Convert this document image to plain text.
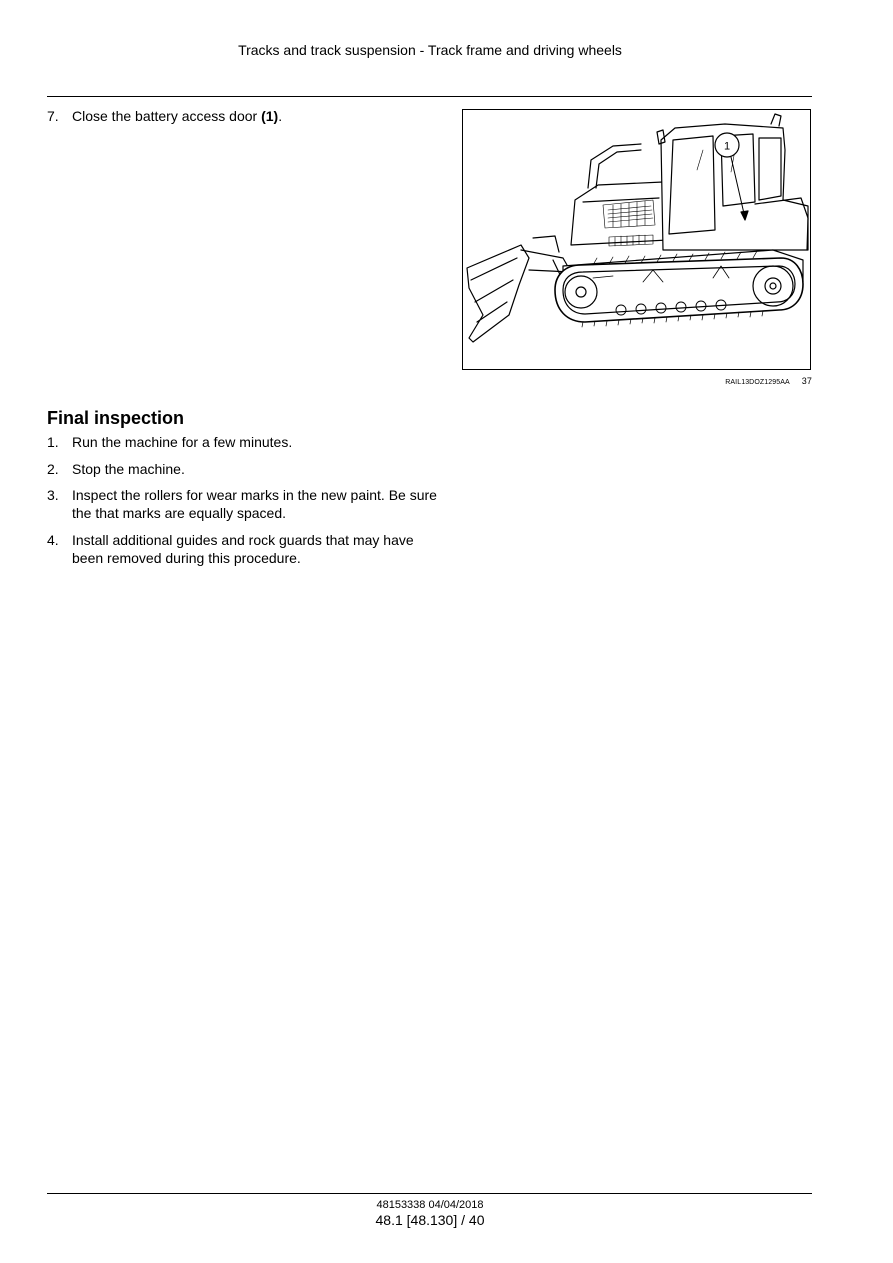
Tracks and track suspension - Track frame and driving wheels
7. Close the battery access door (1).
1
RAIL13DOZ1295AA 37
Final inspection
1. Run the machine for a few minutes.
2. Stop the machine.
3. Inspect the rollers for wear marks in the new paint. Be sure the that marks are equally spaced.
4. Install additional guides and rock guards that may have been removed during this procedure.
48153338 04/04/2018
48.1 [48.130] / 40
